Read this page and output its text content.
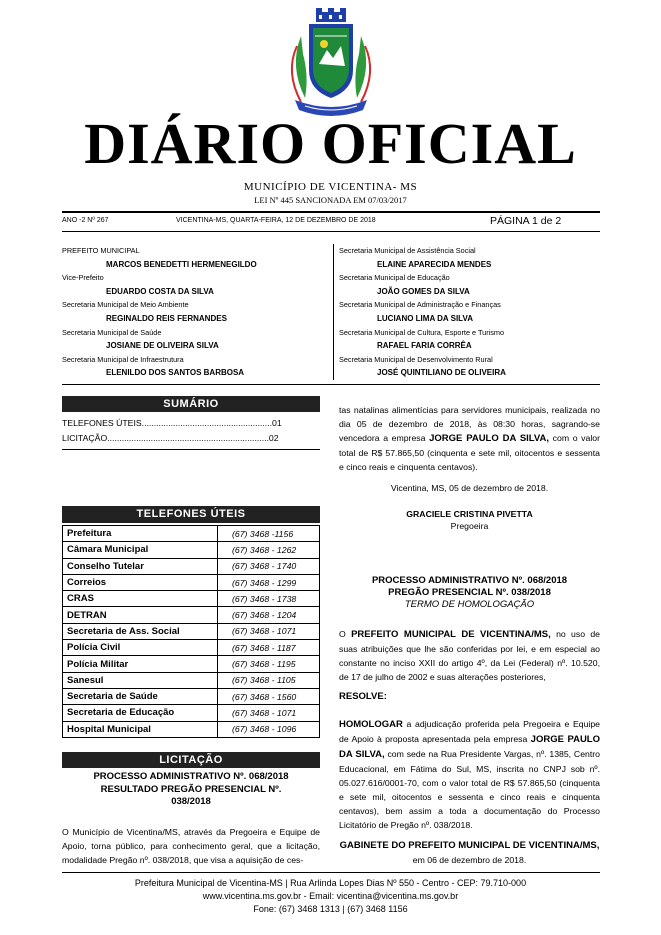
DIÁRIO OFICIAL
MUNICÍPIO DE VICENTINA- MS
LEI Nº 445 SANCIONADA EM 07/03/2017
ANO -2 Nº 267	VICENTINA-MS, QUARTA-FEIRA, 12 DE DEZEMBRO DE 2018	PÁGINA 1 de 2
PREFEITO MUNICIPAL
MARCOS BENEDETTI HERMENEGILDO
Vice-Prefeito
EDUARDO COSTA DA SILVA
Secretaria Municipal de Meio Ambiente
REGINALDO REIS FERNANDES
Secretaria Municipal de Saúde
JOSIANE DE OLIVEIRA SILVA
Secretaria Municipal de Infraestrutura
ELENILDO DOS SANTOS BARBOSA
Secretaria Municipal de Assistência Social
ELAINE APARECIDA MENDES
Secretaria Municipal de Educação
JOÃO GOMES DA SILVA
Secretaria Municipal de Administração e Finanças
LUCIANO LIMA DA SILVA
Secretaria Municipal de Cultura, Esporte e Turismo
RAFAEL FARIA CORRÊA
Secretaria Municipal de Desenvolvimento Rural
JOSÉ QUINTILIANO DE OLIVEIRA
SUMÁRIO
TELEFONES ÚTEIS......................................................01
LICITAÇÃO...................................................................02
TELEFONES ÚTEIS
Prefeitura	(67) 3468 -1156
Câmara Municipal	(67) 3468 - 1262
Conselho Tutelar	(67) 3468 - 1740
Correios	(67) 3468 - 1299
CRAS	(67) 3468 - 1738
DETRAN	(67) 3468 - 1204
Secretaria de Ass. Social	(67) 3468 - 1071
Polícia Civil	(67) 3468 - 1187
Polícia Militar	(67) 3468 - 1195
Sanesul	(67) 3468 - 1105
Secretaria de Saúde	(67) 3468 - 1560
Secretaria de Educação	(67) 3468 - 1071
Hospital Municipal	(67) 3468 - 1096
LICITAÇÃO
PROCESSO ADMINISTRATIVO Nº. 068/2018
RESULTADO PREGÃO PRESENCIAL Nº.
038/2018
O Município de Vicentina/MS, através da Pregoeira e Equipe de Apoio, torna público, para conhecimento geral, que a licitação, modalidade Pregão nº. 038/2018, que visa a aquisição de ces-
tas natalinas alimentícias para servidores municipais, realizada no dia 05 de dezembro de 2018, às 08:30 horas, sagrando-se vencedora a empresa JORGE PAULO DA SILVA, com o valor total de R$ 57.865,50 (cinquenta e sete mil, oitocentos e sessenta e cinco reais e cinquenta centavos).
Vicentina, MS, 05 de dezembro de 2018.
GRACIELE CRISTINA PIVETTA
Pregoeira
PROCESSO ADMINISTRATIVO Nº. 068/2018
PREGÃO PRESENCIAL Nº. 038/2018
TERMO DE HOMOLOGAÇÃO
O PREFEITO MUNICIPAL DE VICENTINA/MS, no uso de suas atribuições que lhe são conferidas por lei, e em especial ao constante no inciso XXII do artigo 4º, da Lei (Federal) nº. 10.520, de 17 de julho de 2002 e suas alterações posteriores,
RESOLVE:
HOMOLOGAR a adjudicação proferida pela Pregoeira e Equipe de Apoio à proposta apresentada pela empresa JORGE PAULO DA SILVA, com sede na Rua Presidente Vargas, nº. 1385, Centro Educacional, em Fátima do Sul, MS, inscrita no CNPJ sob nº. 05.027.616/0001-70, com o valor total de R$ 57.865,50 (cinquenta e sete mil, oitocentos e sessenta e cinco reais e cinquenta centavos), bem assim a toda a documentação do Processo Licitatório de Pregão nº. 038/2018.
GABINETE DO PREFEITO MUNICIPAL DE VICENTINA/MS, em 06 de dezembro de 2018.
Prefeitura Municipal de Vicentina-MS | Rua Arlinda Lopes Dias Nº 550 - Centro - CEP: 79.710-000
www.vicentina.ms.gov.br - Email: vicentina@vicentina.ms.gov.br
Fone: (67) 3468 1313 | (67) 3468 1156
